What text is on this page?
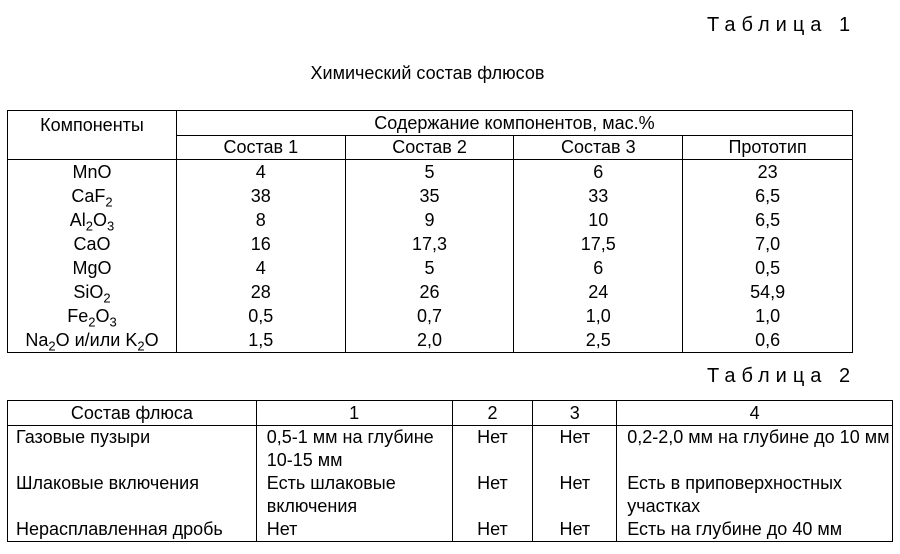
Таблица 1
Химический состав флюсов
Компоненты	Содержание компонентов, мас.%			
	Состав 1	Состав 2	Состав 3	Прототип
MnO	4	5	6	23
CaF$_2$	38	35	33	6,5
$Al_2O_3$	8	9	10	6,5
CaO	16	17,3	17,5	7,0
MgO	4	5	6	0,5
SiO$_2$	28	26	24	54,9
$Fe_2O_3$	0,5	0,7	1,0	1,0
$Na_2O$ и/или $K_2O$	1,5	2,0	2,5	0,6
Таблица 2
Состав флюса	1	2	3	4
Газовые пузыри	0,5-1 мм на глубине 10-15 мм	Нет	Нет	0,2-2,0 мм на глубине до 10 мм
Шлаковые включения	Есть шлаковые включения	Нет	Нет	Есть в приповерхностных участках
Нерасплавленная дробь	Нет	Нет	Нет	Есть на глубине до 40 мм
